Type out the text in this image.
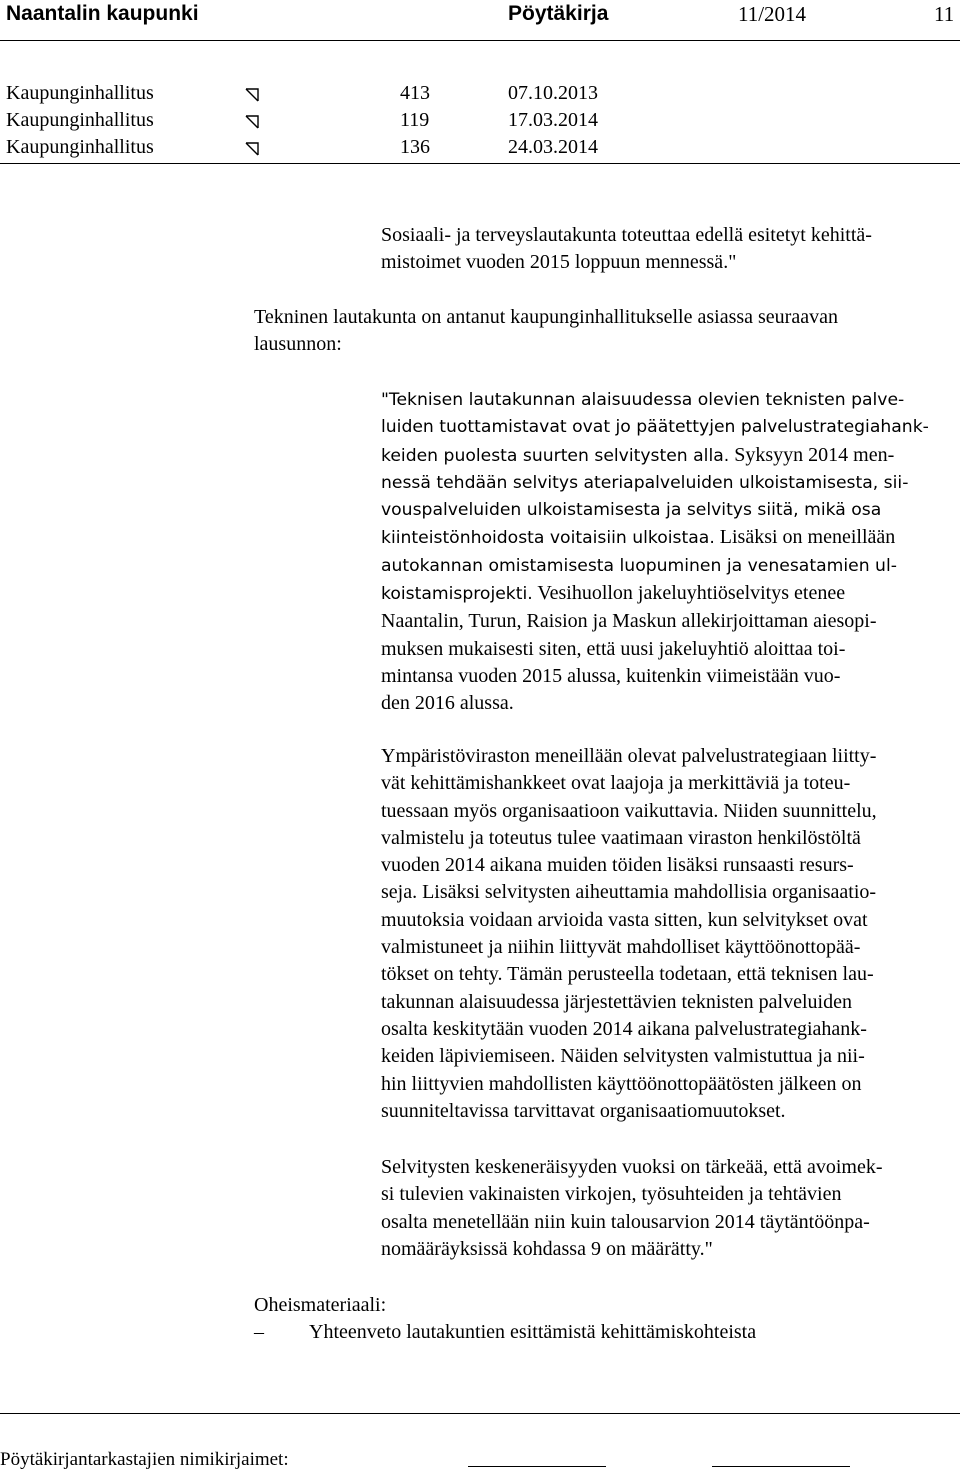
Naantalin kaupunki	Pöytäkirja	11/2014	11
Kaupunginhallitus	413	07.10.2013
Kaupunginhallitus	119	17.03.2014
Kaupunginhallitus	136	24.03.2014
Sosiaali- ja terveyslautakunta toteuttaa edellä esitetyt kehittä-
mistoimet vuoden 2015 loppuun mennessä."
Tekninen lautakunta on antanut kaupunginhallitukselle asiassa seuraavan
lausunnon:
"Teknisen lautakunnan alaisuudessa olevien teknisten palve-
luiden tuottamistavat ovat jo päätettyjen palvelustrategiahank-
keiden puolesta suurten selvitysten alla. Syksyyn 2014 men-
nessä tehdään selvitys ateriapalveluiden ulkoistamisesta, sii-
vouspalveluiden ulkoistamisesta ja selvitys siitä, mikä osa
kiinteistönhoidosta voitaisiin ulkoistaa. Lisäksi on meneillään
autokannan omistamisesta luopuminen ja venesatamien ul-
koistamisprojekti. Vesihuollon jakeluyhtiöselvitys etenee
Naantalin, Turun, Raision ja Maskun allekirjoittaman aiesopi-
muksen mukaisesti siten, että uusi jakeluyhtiö aloittaa toi-
mintansa vuoden 2015 alussa, kuitenkin viimeistään vuo-
den 2016 alussa.
Ympäristöviraston meneillään olevat palvelustrategiaan liitty-
vät kehittämishankkeet ovat laajoja ja merkittäviä ja toteu-
tuessaan myös organisaatioon vaikuttavia. Niiden suunnittelu,
valmistelu ja toteutus tulee vaatimaan viraston henkilöstöltä
vuoden 2014 aikana muiden töiden lisäksi runsaasti resurs-
seja. Lisäksi selvitysten aiheuttamia mahdollisia organisaatio-
muutoksia voidaan arvioida vasta sitten, kun selvitykset ovat
valmistuneet ja niihin liittyvät mahdolliset käyttöönottopää-
tökset on tehty. Tämän perusteella todetaan, että teknisen lau-
takunnan alaisuudessa järjestettävien teknisten palveluiden
osalta keskitytään vuoden 2014 aikana palvelustrategiahank-
keiden läpiviemiseen. Näiden selvitysten valmistuttua ja nii-
hin liittyvien mahdollisten käyttöönottopäätösten jälkeen on
suunniteltavissa tarvittavat organisaatiomuutokset.
Selvitysten keskeneräisyyden vuoksi on tärkeää, että avoimek-
si tulevien vakinaisten virkojen, työsuhteiden ja tehtävien
osalta menetellään niin kuin talousarvion 2014 täytäntöönpa-
nomääräyksissä kohdassa 9 on määrätty."
Oheismateriaali:
– Yhteenveto lautakuntien esittämistä kehittämiskohteista
Pöytäkirjantarkastajien nimikirjaimet:
